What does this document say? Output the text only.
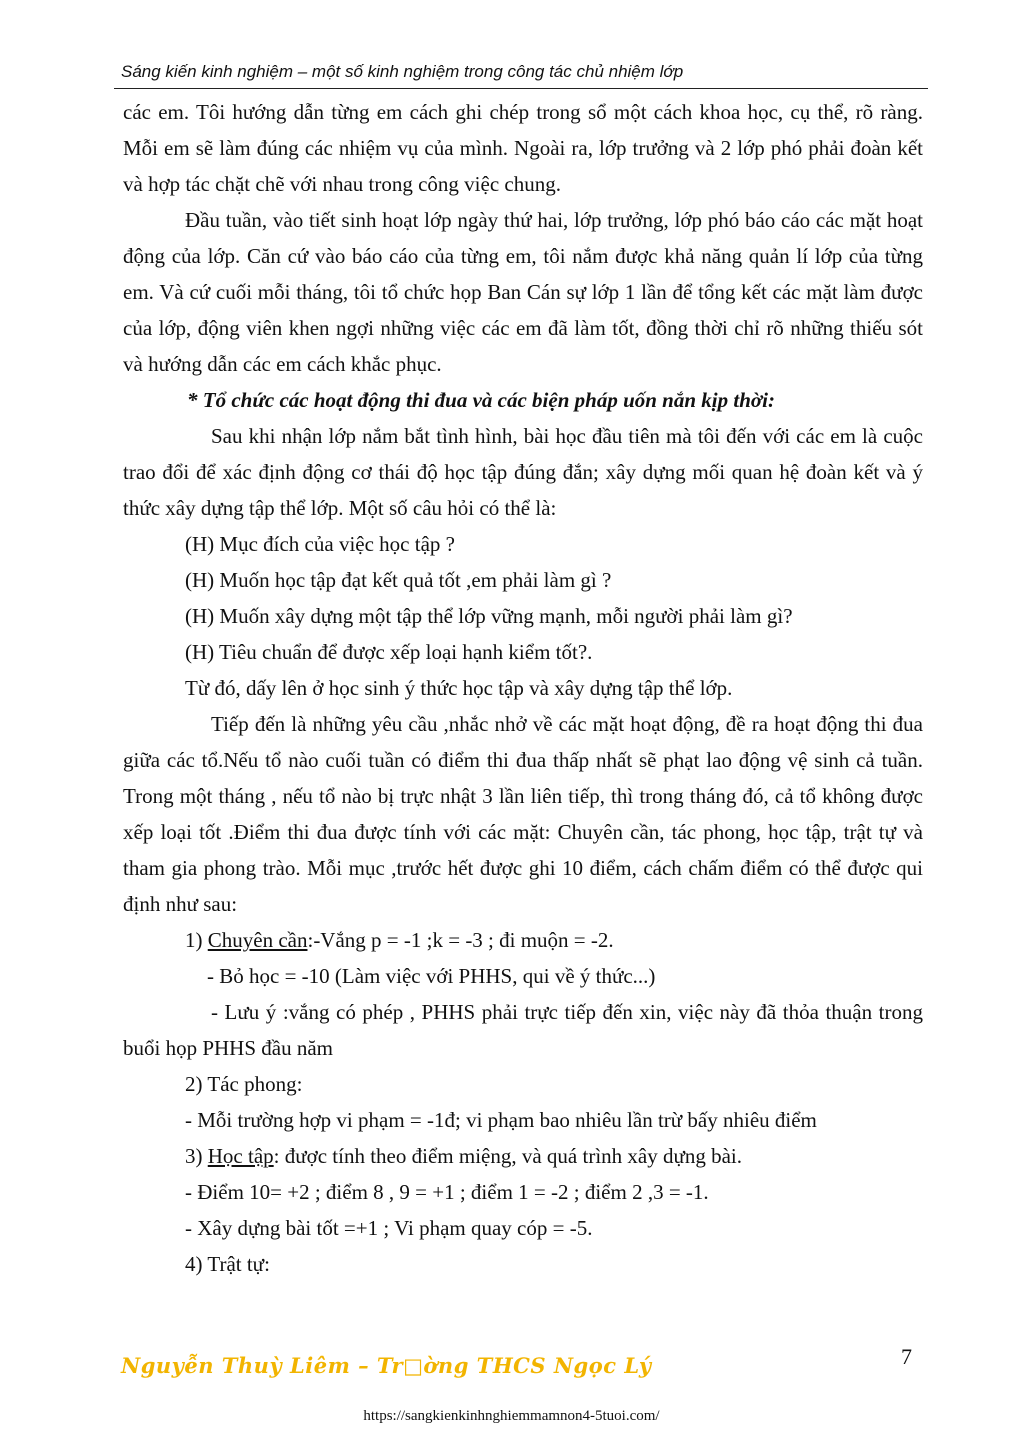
Sáng kiến kinh nghiệm – một số kinh nghiệm trong công tác chủ nhiệm lớp

các em. Tôi hướng dẫn từng em cách ghi chép trong sổ một cách khoa học, cụ thể, rõ ràng. Mỗi em sẽ làm đúng các nhiệm vụ của mình. Ngoài ra, lớp trưởng và 2 lớp phó phải đoàn kết và hợp tác chặt chẽ với nhau trong công việc chung.

Đầu tuần, vào tiết sinh hoạt lớp ngày thứ hai, lớp trưởng, lớp phó báo cáo các mặt hoạt động của lớp. Căn cứ vào báo cáo của từng em, tôi nắm được khả năng quản lí lớp của từng em. Và cứ cuối mỗi tháng, tôi tổ chức họp Ban Cán sự lớp 1 lần để tổng kết các mặt làm được của lớp, động viên khen ngợi những việc các em đã làm tốt, đồng thời chỉ rõ những thiếu sót và hướng dẫn các em cách khắc phục.

* Tổ chức các hoạt động thi đua và các biện pháp uốn nắn kịp thời:

Sau khi nhận lớp nắm bắt tình hình, bài học đầu tiên mà tôi đến với các em là cuộc trao đổi để xác định động cơ thái độ học tập đúng đắn; xây dựng mối quan hệ đoàn kết và ý thức xây dựng tập thể lớp. Một số câu hỏi có thể là:

(H) Mục đích của việc học tập ?

(H) Muốn học tập đạt kết quả tốt ,em phải làm gì ?

(H) Muốn xây dựng một tập thể lớp vững mạnh, mỗi người phải làm gì?

(H) Tiêu chuẩn để được xếp loại hạnh kiểm tốt?.

Từ đó, dấy lên ở học sinh ý thức học tập và xây dựng tập thể lớp.

Tiếp đến là những yêu cầu ,nhắc nhở về các mặt hoạt động, đề ra hoạt động thi đua giữa các tổ.Nếu tổ nào cuối tuần có điểm thi đua thấp nhất sẽ phạt lao động vệ sinh cả tuần. Trong một tháng , nếu tổ nào bị trực nhật 3 lần liên tiếp, thì trong tháng đó, cả tổ không được xếp loại tốt .Điểm thi đua được tính với các mặt: Chuyên cần, tác phong, học tập, trật tự và tham gia phong trào. Mỗi mục ,trước hết được ghi 10 điểm, cách chấm điểm có thể được qui định như sau:

1) Chuyên cần:-Vắng p = -1 ;k = -3 ; đi muộn = -2.

- Bỏ học = -10 (Làm việc với PHHS, qui về ý thức...)

- Lưu ý :vắng có phép , PHHS phải trực tiếp đến xin, việc này đã thỏa thuận trong buổi họp PHHS đầu năm

2) Tác phong:

- Mỗi trường hợp vi phạm = -1đ; vi phạm bao nhiêu lần trừ bấy nhiêu điểm

3) Học tập: được tính theo điểm miệng, và quá trình xây dựng bài.

- Điểm 10= +2 ; điểm 8 , 9 = +1 ; điểm 1 = -2 ; điểm 2 ,3 = -1.

- Xây dựng bài tốt =+1 ; Vi phạm quay cóp = -5.

4) Trật tự:

7
Nguyễn Thuỳ Liêm – Tr□ờng THCS Ngọc Lý
https://sangkienkinhnghiemmamnon4-5tuoi.com/
